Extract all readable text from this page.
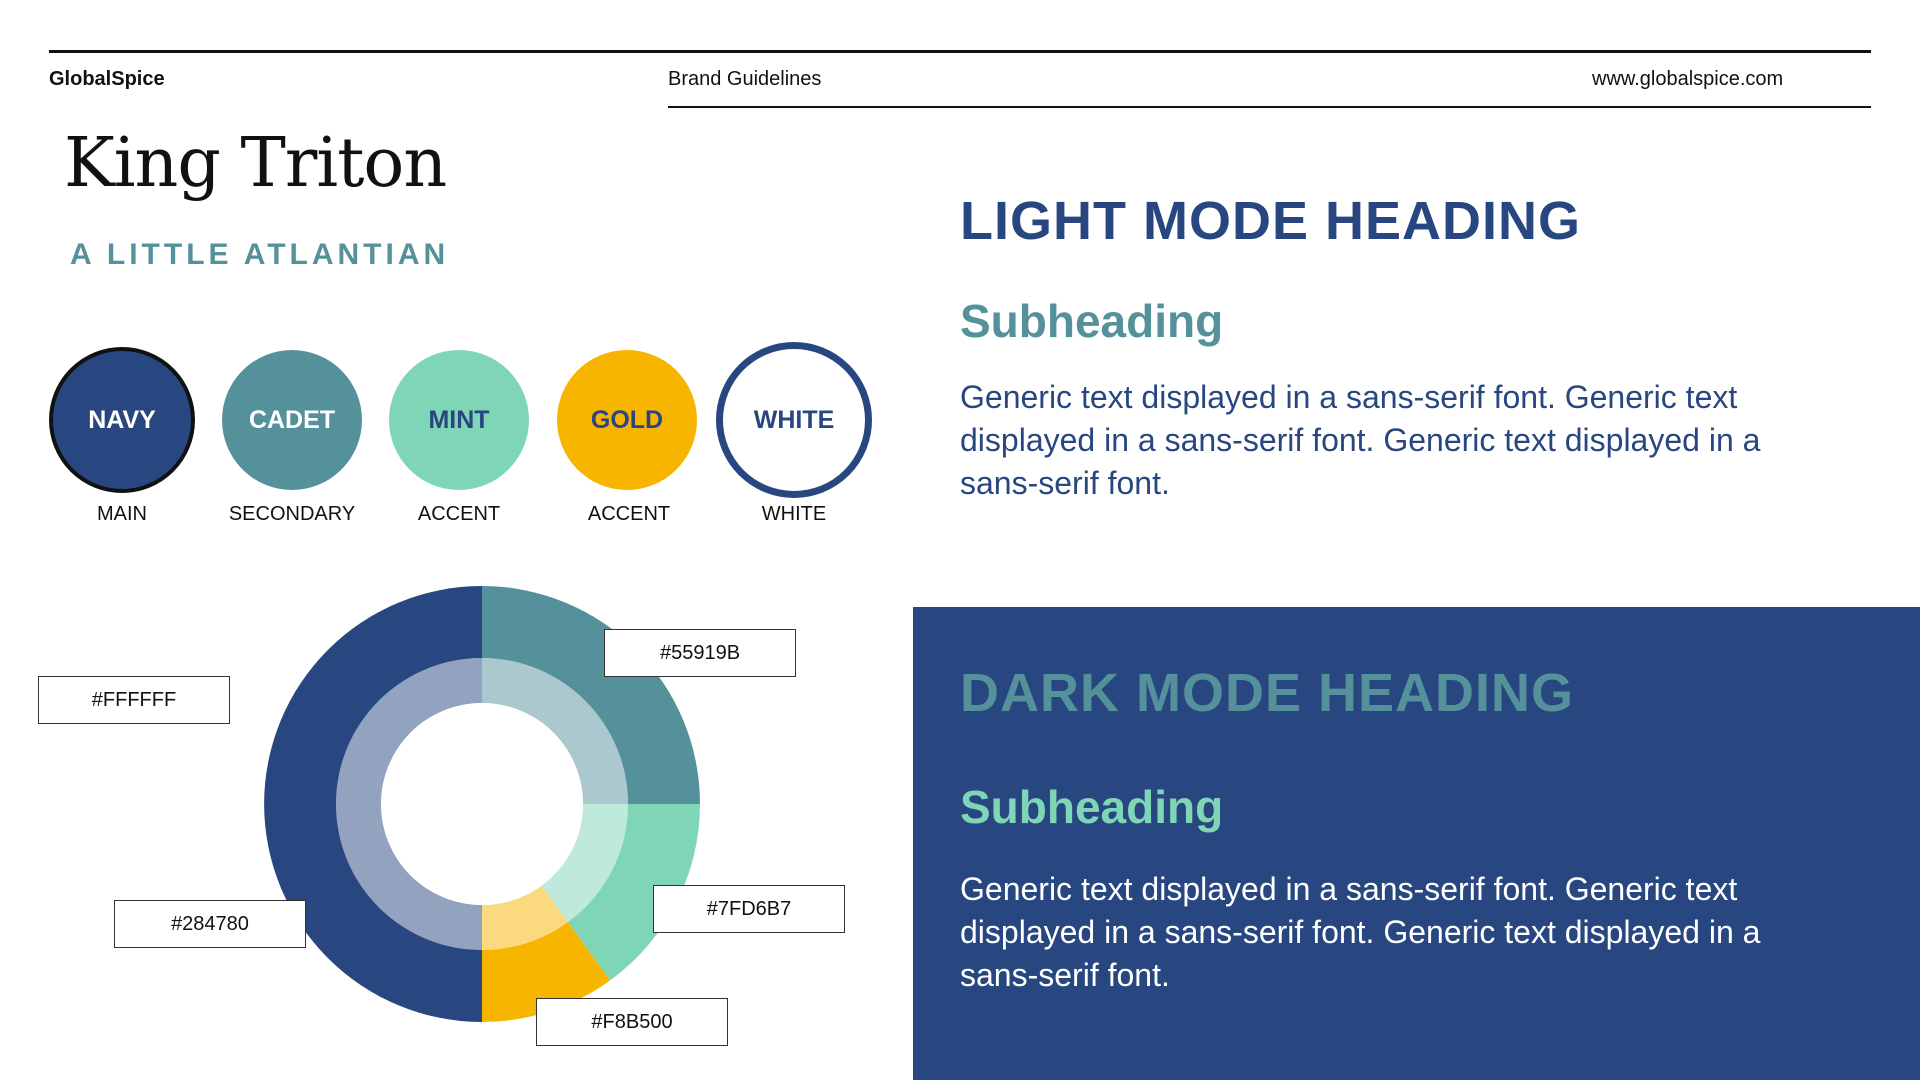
GlobalSpice	Brand Guidelines	www.globalspice.com
King Triton
A LITTLE ATLANTIAN
NAVY
MAIN
CADET
SECONDARY
MINT
ACCENT
GOLD
ACCENT
WHITE
WHITE
#55919B
#7FD6B7
#F8B500
#284780
#FFFFFF
LIGHT MODE HEADING
Subheading
Generic text displayed in a sans-serif font. Generic text displayed in a sans-serif font. Generic text displayed in a sans-serif font.
DARK MODE HEADING
Subheading
Generic text displayed in a sans-serif font. Generic text displayed in a sans-serif font. Generic text displayed in a sans-serif font.
